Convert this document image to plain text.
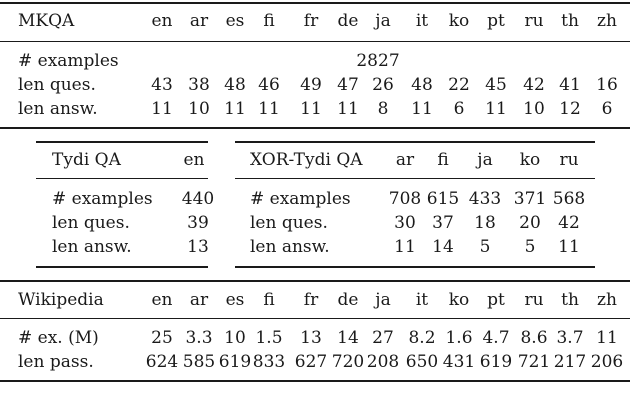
MKQA	en ar es fi fr de ja it ko pt ru th zh
# examples	2827
len ques.	43 38 48 46 49 47 26 48 22 45 42 41 16
len answ.	11 10 11 11 11 11 8 11 6 11 10 12 6
Tydi QA	en
# examples 440
len ques.	39
len answ.	13
XOR-Tydi QA ar fi ja ko ru
# examples 708 615 433 371 568
len ques.	30 37 18 20 42
len answ.	11 14 5 5 11
Wikipedia	en ar es fi fr de ja it ko pt ru th zh
# ex. (M)	25 3.3 10 1.5 13 14 27 8.2 1.6 4.7 8.6 3.7 11
len pass.	624 585 619 833 627 720 208 650 431 619 721 217 206
